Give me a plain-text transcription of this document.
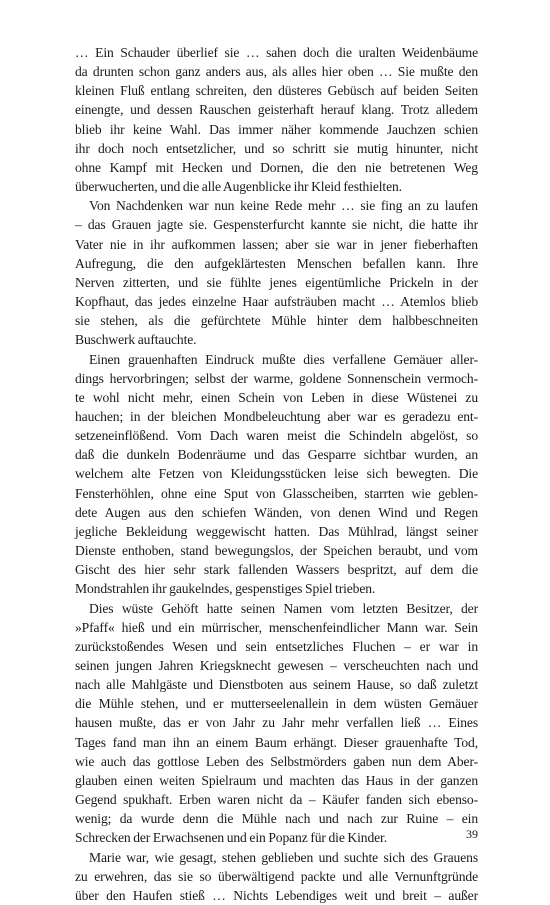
… Ein Schauder überlief sie … sahen doch die uralten Weidenbäume
da drunten schon ganz anders aus, als alles hier oben … Sie mußte den
kleinen Fluß entlang schreiten, den düsteres Gebüsch auf beiden Seiten
einengte, und dessen Rauschen geisterhaft herauf klang. Trotz alledem
blieb ihr keine Wahl. Das immer näher kommende Jauchzen schien
ihr doch noch entsetzlicher, und so schritt sie mutig hinunter, nicht
ohne Kampf mit Hecken und Dornen, die den nie betretenen Weg
überwucherten, und die alle Augenblicke ihr Kleid festhielten.

Von Nachdenken war nun keine Rede mehr … sie fing an zu laufen
– das Grauen jagte sie. Gespensterfurcht kannte sie nicht, die hatte ihr
Vater nie in ihr aufkommen lassen; aber sie war in jener fieberhaften
Aufregung, die den aufgeklärtesten Menschen befallen kann. Ihre
Nerven zitterten, und sie fühlte jenes eigentümliche Prickeln in der
Kopfhaut, das jedes einzelne Haar aufsträuben macht … Atemlos blieb
sie stehen, als die gefürchtete Mühle hinter dem halbbeschneiten
Buschwerk auftauchte.

Einen grauenhaften Eindruck mußte dies verfallene Gemäuer aller-
dings hervorbringen; selbst der warme, goldene Sonnenschein vermoch-
te wohl nicht mehr, einen Schein von Leben in diese Wüstenei zu
hauchen; in der bleichen Mondbeleuchtung aber war es geradezu ent-
setzeneinflößend. Vom Dach waren meist die Schindeln abgelöst, so
daß die dunkeln Bodenräume und das Gesparre sichtbar wurden, an
welchem alte Fetzen von Kleidungsstücken leise sich bewegten. Die
Fensterhöhlen, ohne eine Sput von Glasscheiben, starrten wie geblen-
dete Augen aus den schiefen Wänden, von denen Wind und Regen
jegliche Bekleidung weggewischt hatten. Das Mühlrad, längst seiner
Dienste enthoben, stand bewegungslos, der Speichen beraubt, und vom
Gischt des hier sehr stark fallenden Wassers bespritzt, auf dem die
Mondstrahlen ihr gaukelndes, gespenstiges Spiel trieben.

Dies wüste Gehöft hatte seinen Namen vom letzten Besitzer, der
»Pfaff« hieß und ein mürrischer, menschenfeindlicher Mann war. Sein
zurückstoßendes Wesen und sein entsetzliches Fluchen – er war in
seinen jungen Jahren Kriegsknecht gewesen – verscheuchten nach und
nach alle Mahlgäste und Dienstboten aus seinem Hause, so daß zuletzt
die Mühle stehen, und er mutterseelenallein in dem wüsten Gemäuer
hausen mußte, das er von Jahr zu Jahr mehr verfallen ließ … Eines
Tages fand man ihn an einem Baum erhängt. Dieser grauenhafte Tod,
wie auch das gottlose Leben des Selbstmörders gaben nun dem Aber-
glauben einen weiten Spielraum und machten das Haus in der ganzen
Gegend spukhaft. Erben waren nicht da – Käufer fanden sich ebenso-
wenig; da wurde denn die Mühle nach und nach zur Ruine – ein
Schrecken der Erwachsenen und ein Popanz für die Kinder.

Marie war, wie gesagt, stehen geblieben und suchte sich des Grauens
zu erwehren, das sie so überwältigend packte und alle Vernunftgründe
über den Haufen stieß … Nichts Lebendiges weit und breit – außer

39
